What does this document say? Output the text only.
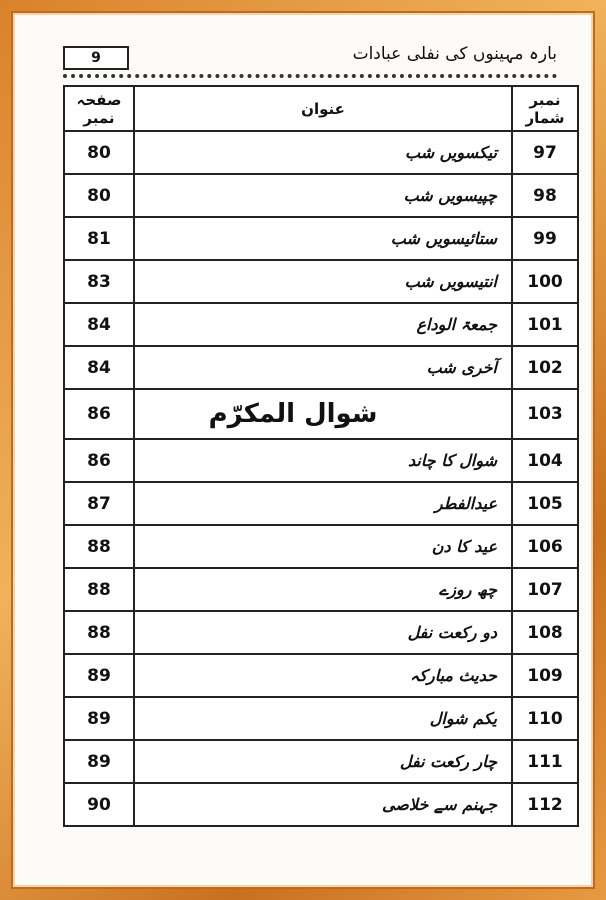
9	بارہ مہینوں کی نفلی عبادات
صفحہ نمبر	عنوان	نمبر شمار
80	تیکسویں شب	97
80	چپیسویں شب	98
81	ستائیسویں شب	99
83	انتیسویں شب	100
84	جمعۃ الوداع	101
84	آخری شب	102
86	شوال المکرّم	103
86	شوال کا چاند	104
87	عیدالفطر	105
88	عید کا دن	106
88	چھ روزے	107
88	دو رکعت نفل	108
89	حدیث مبارکہ	109
89	یکم شوال	110
89	چار رکعت نفل	111
90	جہنم سے خلاصی	112
